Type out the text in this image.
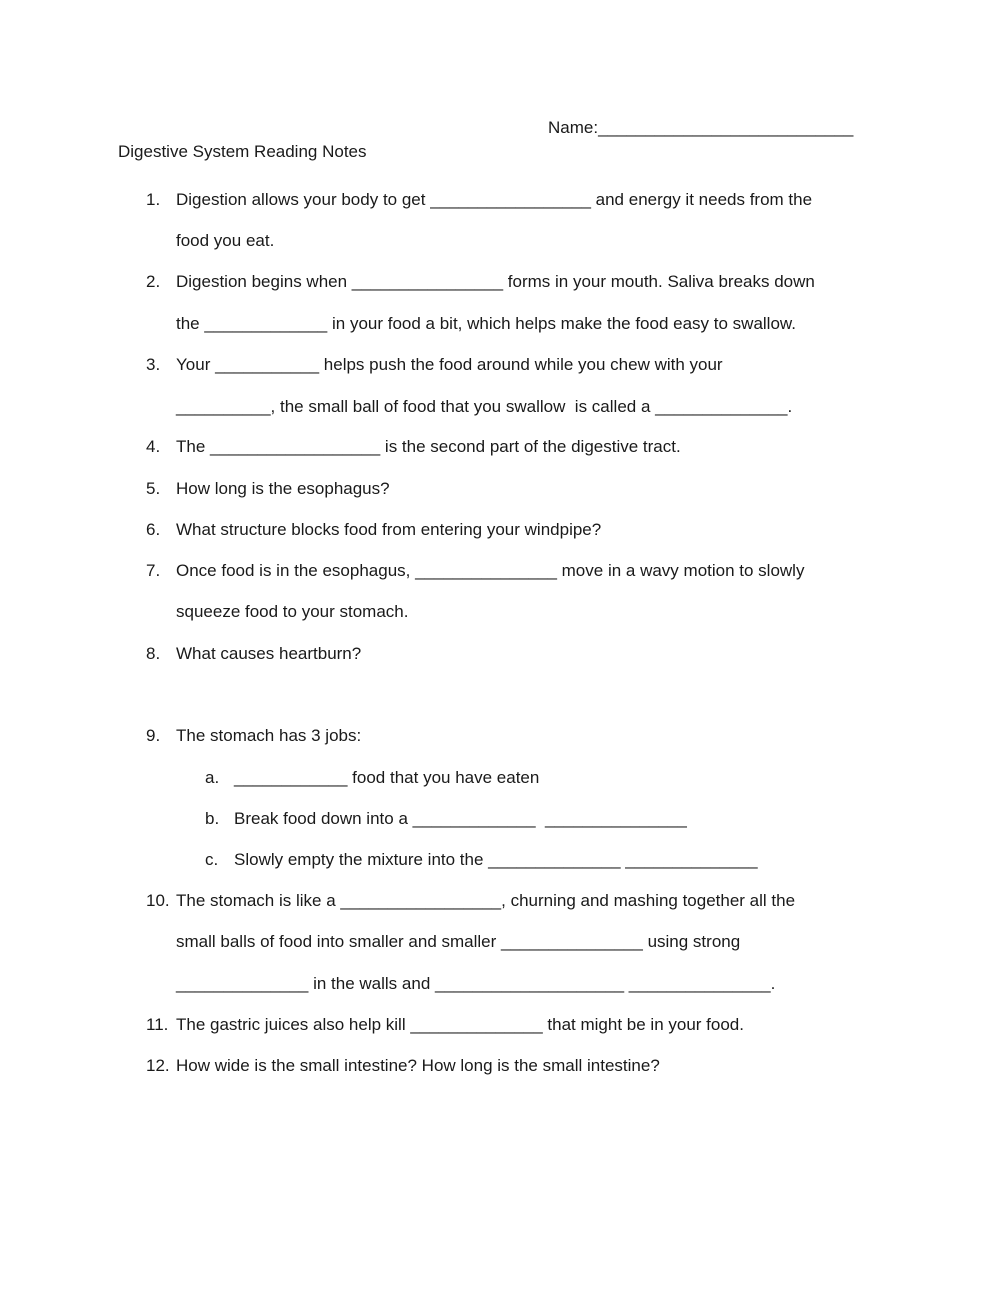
Name:___________________________
Digestive System Reading Notes
1. Digestion allows your body to get _________________ and energy it needs from the
food you eat.
2. Digestion begins when ________________ forms in your mouth. Saliva breaks down
the _____________ in your food a bit, which helps make the food easy to swallow.
3. Your ___________ helps push the food around while you chew with your
__________, the small ball of food that you swallow  is called a ______________.
4. The __________________ is the second part of the digestive tract.
5. How long is the esophagus?
6. What structure blocks food from entering your windpipe?
7. Once food is in the esophagus, _______________ move in a wavy motion to slowly
squeeze food to your stomach.
8. What causes heartburn?
9. The stomach has 3 jobs:
a. ____________ food that you have eaten
b. Break food down into a _____________  _______________
c. Slowly empty the mixture into the ______________ ______________
10. The stomach is like a _________________, churning and mashing together all the
small balls of food into smaller and smaller _______________ using strong
______________ in the walls and ____________________ _______________.
11. The gastric juices also help kill ______________ that might be in your food.
12. How wide is the small intestine? How long is the small intestine?
